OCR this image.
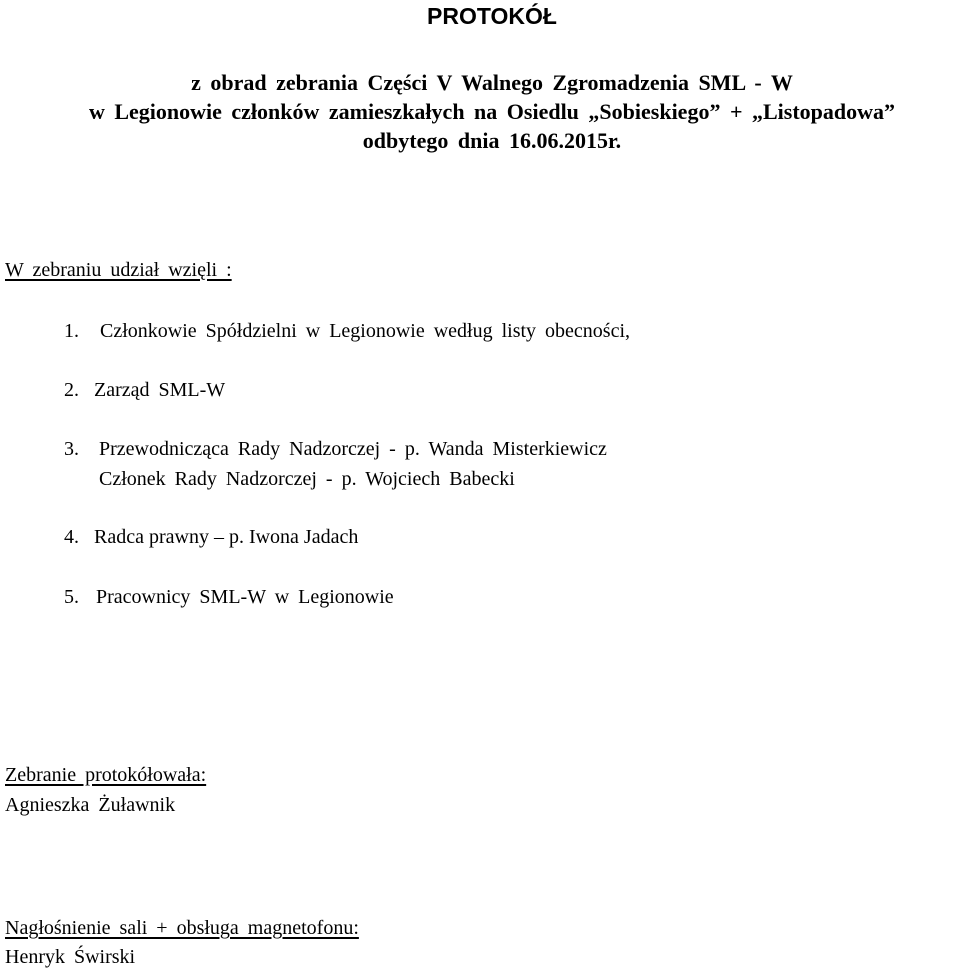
PROTOKÓŁ
z obrad zebrania Części V Walnego Zgromadzenia SML - W
w Legionowie członków zamieszkałych na Osiedlu „Sobieskiego” + „Listopadowa”
odbytego dnia 16.06.2015r.
W zebraniu udział wzięli :
1. Członkowie Spółdzielni w Legionowie według listy obecności,
2. Zarząd SML-W
3. Przewodnicząca Rady Nadzorczej - p. Wanda Misterkiewicz
Członek Rady Nadzorczej - p. Wojciech Babecki
4. Radca prawny – p. Iwona Jadach
5. Pracownicy SML-W w Legionowie
Zebranie protokółowała:
Agnieszka Żuławnik
Nagłośnienie sali + obsługa magnetofonu:
Henryk Świrski
